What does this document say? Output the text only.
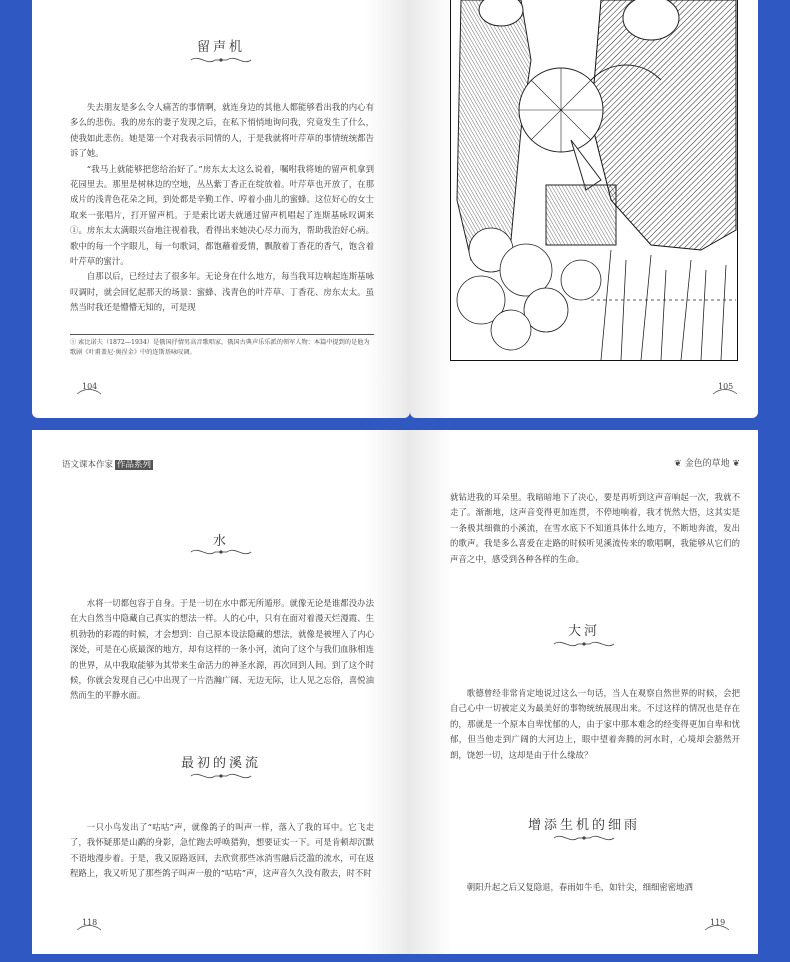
留声机

失去朋友是多么令人痛苦的事情啊，就连身边的其他人都能够看出我的内心有多么的悲伤。我的房东的妻子发现之后，在私下悄悄地询问我，究竟发生了什么，使我如此悲伤。她是第一个对我表示同情的人，于是我就将叶芹草的事情统统都告诉了她。

“我马上就能够把您给治好了。”房东太太这么说着，嘱咐我将她的留声机拿到花园里去。那里是树林边的空地，丛丛紫丁香正在绽放着。叶芹草也开放了，在那成片的浅青色花朵之间，到处都是辛勤工作、哼着小曲儿的蜜蜂。这位好心的女士取来一张唱片，打开留声机。于是索比诺夫就通过留声机唱起了连斯基咏叹调来①。房东太太满眼兴奋地注视着我，看得出来她决心尽力而为，帮助我治好心病。歌中的每一个字眼儿，每一句歌词，都饱蘸着爱情，飘散着丁香花的香气，饱含着叶芹草的蜜汁。

自那以后，已经过去了很多年。无论身在什么地方，每当我耳边响起连斯基咏叹调时，就会回忆起那天的场景：蜜蜂、浅青色的叶芹草、丁香花、房东太太。虽然当时我还是懵懵无知的，可是现

① 索比诺夫（1872—1934）是俄国抒情男高音歌唱家，俄国古典声乐乐派的领军人物；本篇中提到的是他为歌剧《叶甫盖尼·奥涅金》中的连斯基咏叹调。
104	105
语文课本作家 作品系列
水

水将一切都包容于自身。于是一切在水中都无所遁形。就像无论是谁都没办法在大自然当中隐藏自己真实的想法一样。人的心中，只有在面对着漫天烂漫霞、生机勃勃的彩霞的时候，才会想到：自己原本设法隐藏的想法，就像是被埋入了内心深处，可是在心底最深的地方，却有这样的一条小河，流向了这个与我们血脉相连的世界，从中我取能够为其带来生命活力的神圣水源，再次回到人间。到了这个时候，你就会发现自己心中出现了一片浩瀚广阔、无边无际，让人见之忘俗，喜悦油然而生的平静水面。

最初的溪流

一只小鸟发出了“咕咕”声，就像鸽子的叫声一样，落入了我的耳中。它飞走了，我怀疑那是山鹬的身影，急忙跑去呼唤猎狗，想要证实一下。可是肯顿却沉默不语地漫步着。于是，我又原路返回，去欣赏那些冰消雪融后泛滥的流水，可在返程路上，我又听见了那些鸽子叫声一般的“咕咕”声，这声音久久没有散去，时不时

118
❦ 金色的草地 ❦

就钻进我的耳朵里。我暗暗地下了决心，要是再听到这声音响起一次，我就不走了。渐渐地，这声音变得更加连贯，不停地响着，我才恍然大悟，这其实是一条极其细微的小溪流，在雪水底下不知道具体什么地方，不断地奔流，发出的歌声。我是多么喜爱在走路的时候听见溪流传来的歌唱啊，我能够从它们的声音之中，感受到各种各样的生命。

大河

歌德曾经非常肯定地说过这么一句话，当人在观察自然世界的时候，会把自己心中一切被定义为最美好的事物统统展现出来。不过这样的情况也是存在的，那就是一个原本自卑忧郁的人，由于家中那本难念的经变得更加自卑和忧郁，但当他走到广阔的大河边上，眼中望着奔腾的河水时，心境却会豁然开朗，饶恕一切，这却是由于什么缘故？

增添生机的细雨

朝阳升起之后又复隐退，春雨如牛毛，如针尖，细细密密地洒

119
